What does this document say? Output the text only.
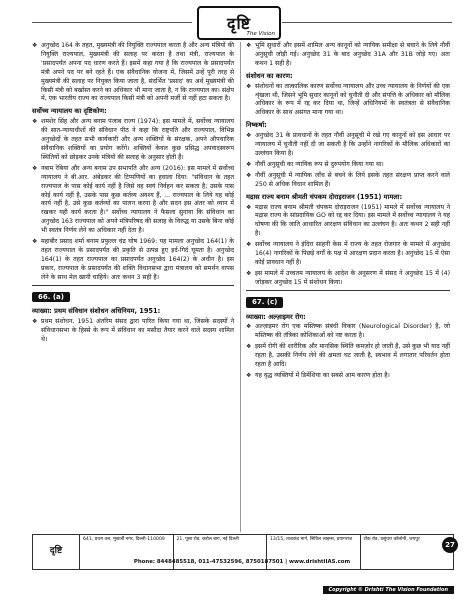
दृष्टि
The Vision
❖ अनुच्छेद 164 के तहत, मुख्यमंत्री की नियुक्ति राज्यपाल करता है और अन्य मंत्रियों की नियुक्ति राज्यपाल, मुख्यमंत्री की सलाह पर करता है तथा मंत्री, राज्यपाल के 'प्रसादपर्यंत अपना पद धारण करते हैं। इसमें कहा गया है कि राज्यपाल के प्रसादपर्यंत मंत्री अपने पद पर बने रहते हैं। एक संवैधानिक योजना में, जिसमें उन्हें पूरी तरह से मुख्यमंत्री की सलाह पर नियुक्त किया जाता है, संदर्भित 'प्रसाद' का अर्थ मुख्यमंत्री की किसी मंत्री को बर्खास्त करने का अधिकार भी माना जाता है, न कि राज्यपाल का। संक्षेप में, एक भारतीय राज्य का राज्यपाल किसी मंत्री को अपनी मर्जी से नहीं हटा सकता है।
सर्वोच्च न्यायालय का दृष्टिकोण:
❖ शमशेर सिंह और अन्य बनाम पंजाब राज्य (1974): इस मामले में, सर्वोच्च न्यायालय की सात-न्यायाधीशों की संविधान पीठ ने कहा कि राष्ट्रपति और राज्यपाल, विभिन्न अनुच्छेदों के तहत सभी कार्यकारी और अन्य शक्तियों के संरक्षक, अपने औपचारिक संवैधानिक शक्तियों का प्रयोग करेंगे। शक्तियों केवल कुछ प्रसिद्ध अपवादस्वरूप स्थितियों को छोड़कर उनके मंत्रियों की सलाह के अनुसार होती हैं।
❖ नबाम रेबिया और अन्य बनाम उप सभापति और अन्य (2016): इस मामले में सर्वोच्च न्यायालय ने बी.आर. अंबेडकर की टिप्पणियों का हवाला दिया: "संविधान के तहत राज्यपाल के पास कोई कार्य नहीं है जिसे वह स्वयं निर्वहन कर सकता है; उसके पास कोई कार्य नहीं है, उसके पास कुछ कर्तव्य अवश्य हैं, ... राज्यपाल के लिये यह कोई कार्य नहीं है, उसे कुछ कर्तव्यों का पालन करना है और सदन इस अंतर को ध्यान में रखकर यही कार्य करता है।" सर्वोच्च न्यायालय ने फैसला सुनाया कि संविधान का अनुच्छेद 163 राज्यपाल को अपने मंत्रिपरिषद की सलाह के विरुद्ध या उसके बिना कोई भी स्वतंत्र निर्णय लेने का अधिकार नहीं देता है।
❖ महाबीर प्रसाद शर्मा बनाम प्रफुल्ल चंद्र घोष 1969: यह मामला अनुच्छेद 164(1) के तहत राज्यपाल के प्रसादपर्यंत की प्रकृति से उत्पन्न हुए इर्द-गिर्द घूमता है। अनुच्छेद 164(1) के तहत राज्यपाल का प्रसादपर्यंत अनुच्छेद 164(2) के अधीन है। इस प्रकार, राज्यपाल के प्रसादपर्यंत की शक्ति विधानसभा द्वारा मंत्रालय को समर्थन वापस लेने के साथ मेल खानी चाहिये। अतः कथन 3 सही है।
66. (a)
व्याख्या: प्रथम संविधान संशोधन अधिनियम, 1951:
❖ प्रथम संशोधन, 1951 अंतरिम संसद द्वारा पारित किया गया था, जिसके सदस्यों ने संविधानसभा के हिस्से के रूप में संविधान का मसौदा तैयार करने वाले सदस्य शामिल थे।
❖ भूमि सुधारों और इसमें शामिल अन्य कानूनों को न्यायिक समीक्षा से बचाने के लिये नौवीं अनुसूची जोड़ी गई। अनुच्छेद 31 के बाद अनुच्छेद 31A और 31B जोड़े गए। अतः कथन 1 सही है।
संशोधन का कारण:
❖ संशोधनों का तात्कालिक कारण सर्वोच्च न्यायालय और उच्च न्यायालय के निर्णयों की एक शृंखला थी, जिसने भूमि सुधार कानूनों को चुनौती दी और संपत्ति के अधिकार को मौलिक अधिकार के रूप में रद्द कर दिया था, जिन्हें अधिनियमों के स्वतंत्रता से संवैधानिक अधिकार के साथ असंगत माना गया था।
निष्कर्षा:
❖ अनुच्छेद 31 के प्रावधानों के तहत नौवीं अनुसूची में रखे गए कानूनों को इस आधार पर न्यायालय में चुनौती नहीं दी जा सकती है कि उन्होंने नागरिकों के मौलिक अधिकारों का उल्लंघन किया है।
❖ नौवीं अनुसूची का न्यायिक रूप से दुरुपयोग किया गया था।
❖ नौवीं अनुसूची में न्यायिक जाँच से बचने के लिये इसके तहत संरक्षण प्राप्त करने वाले 250 से अधिक विधान शामिल हैं।
मद्रास राज्य बनाम श्रीमती चंपकम दोराइराजन (1951) मामला:
❖ मद्रास राज्य बनाम श्रीमती चंपकम दोराइराजन (1951) मामले में सर्वोच्च न्यायालय ने मद्रास राज्य के सांप्रदायिक GO को रद्द कर दिया। इस मामले में सर्वोच्च न्यायालय ने यह घोषणा की कि जाति आधारित आरक्षण संविधान का उल्लंघन है। अतः कथन 2 सही नहीं है।
❖ सर्वोच्च न्यायालय ने इंदिरा साहनी केस में राज्य के तहत रोजगार के मामले में अनुच्छेद 16(4) नागरिकों के पिछड़े वर्गों के पक्ष में आरक्षण प्रदान करता है। अनुच्छेद 15 में ऐसा कोई प्रावधान नहीं है।
❖ इस मामले में उच्चतम न्यायालय के आदेश के अनुसरण में संसद ने अनुच्छेद 15 में (4) जोड़कर अनुच्छेद 15 में संशोधन किया।
67. (c)
व्याख्या: अल्ज़ाइमर रोग:
❖ अल्ज़ाइमर रोग एक मस्तिष्क संबंधी विकार (Neurological Disorder) है, जो मस्तिष्क की तंत्रिका कोशिकाओं को नष्ट करता है।
❖ इसमें रोगी की शारीरिक और मानसिक स्थिति कमज़ोर हो जाती है, उसे कुछ भी याद नहीं रहता है, उसकी निर्णय लेने की क्षमता घट जाती है, स्वभाव में लगातार परिवर्तन होता रहता है आदि।
❖ यह वृद्ध व्यक्तियों में डिमेंशिया का सबसे आम कारण होता है।
दृष्टि
641, प्रथम तल, मुखर्जी नगर, दिल्ली-110009	21, पूसा रोड, करोल बाग, नई दिल्ली	13/15, ताशकंद मार्ग, सिविल लाइन्स, प्रयागराज	टोंक रोड, वसुंधरा कॉलोनी, जयपुर
27
Phone: 8448485518, 011-47532596, 8750187501 | www.drishtiIAS.com
Copyright © Drishti The Vision Foundation
